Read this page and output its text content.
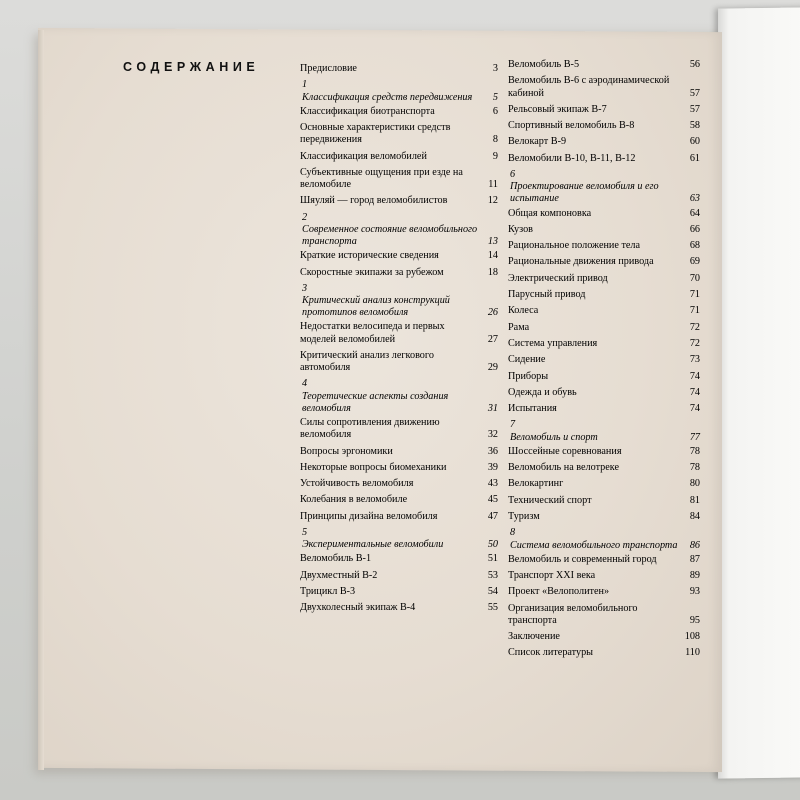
СОДЕРЖАНИЕ	Предисловие	3
1
Классификация средств передвижения	5
Классификация биотранспорта	6
Основные характеристики средств передвижения	8
Классификация веломобилей	9
Субъективные ощущения при езде на веломобиле	11
Шяуляй — город веломобилистов	12
2
Современное состояние веломобильного транспорта	13
Краткие исторические сведения	14
Скоростные экипажи за рубежом	18
3
Критический анализ конструкций прототипов веломобиля	26
Недостатки велосипеда и первых моделей веломобилей	27
Критический анализ легкового автомобиля	29
4
Теоретические аспекты создания веломобиля	31
Силы сопротивления движению веломобиля	32
Вопросы эргономики	36
Некоторые вопросы биомеханики	39
Устойчивость веломобиля	43
Колебания в веломобиле	45
Принципы дизайна веломобиля	47
5
Экспериментальные веломобили	50
Веломобиль В-1	51
Двухместный В-2	53
Трицикл В-3	54
Двухколесный экипаж В-4	55
Веломобиль В-5	56
Веломобиль В-6 с аэродинамической кабиной	57
Рельсовый экипаж В-7	57
Спортивный веломобиль В-8	58
Велокарт В-9	60
Веломобили В-10, В-11, В-12	61
6
Проектирование веломобиля и его испытание	63
Общая компоновка	64
Кузов	66
Рациональное положение тела	68
Рациональные движения привода	69
Электрический привод	70
Парусный привод	71
Колеса	71
Рама	72
Система управления	72
Сидение	73
Приборы	74
Одежда и обувь	74
Испытания	74
7
Веломобиль и спорт	77
Шоссейные соревнования	78
Веломобиль на велотреке	78
Велокартинг	80
Технический спорт	81
Туризм	84
8
Система веломобильного транспорта	86
Веломобиль и современный город	87
Транспорт XXI века	89
Проект «Велополитен»	93
Организация веломобильного транспорта	95
Заключение	108
Список литературы	110
